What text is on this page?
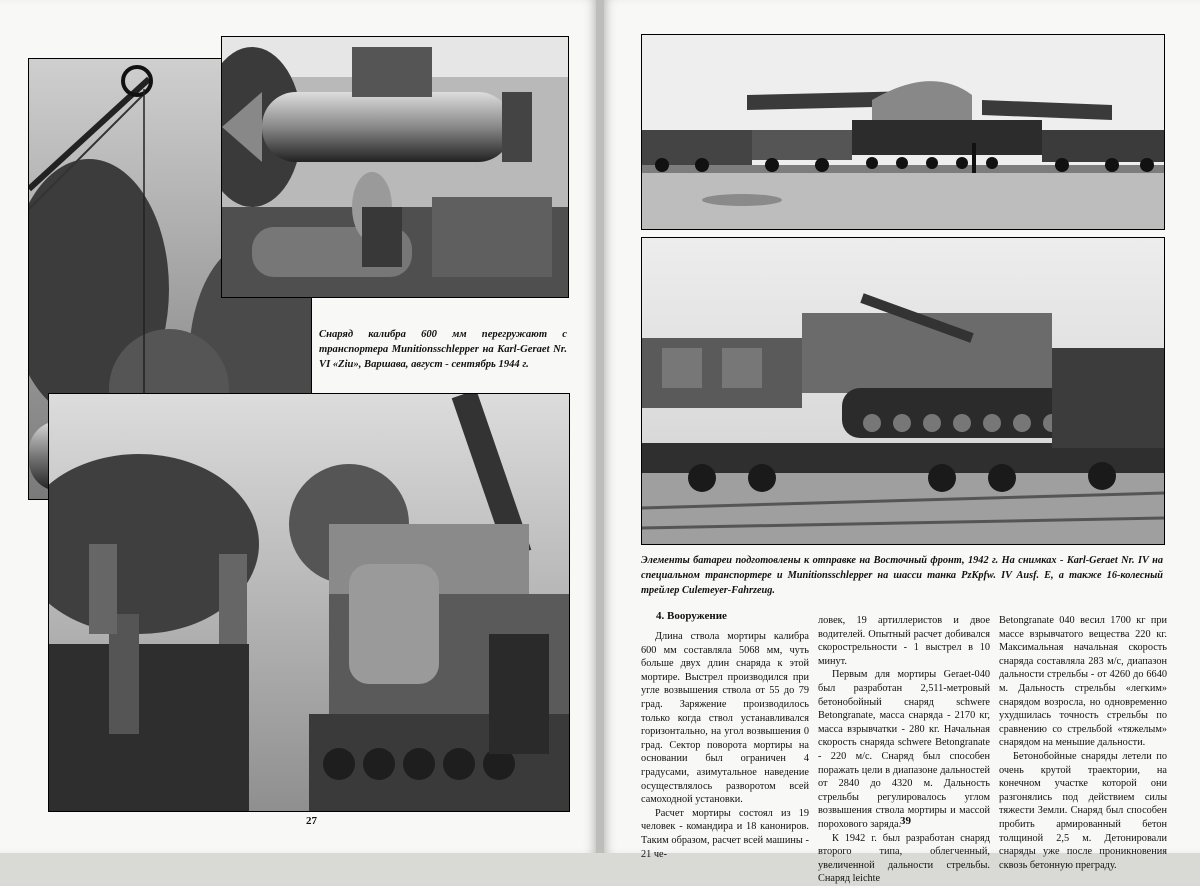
Снаряд калибра 600 мм перегружают с транспортера Munitionsschlepper на Karl-Geraet Nr. VI «Ziu», Варшава, август - сентябрь 1944 г.
27
Элементы батареи подготовлены к отправке на Восточный фронт, 1942 г. На снимках - Karl-Geraet Nr. IV на специальном транспортере и Munitionsschlepper на шасси танка PzKpfw. IV Ausf. E, а также 16-колесный трейлер Culemeyer-Fahrzeug.
4. Вооружение

Длина ствола мортиры калибра 600 мм составляла 5068 мм, чуть больше двух длин снаряда к этой мортире. Выстрел производился при угле возвышения ствола от 55 до 79 град. Заряжение производилось только когда ствол устанавливался горизонтально, на угол возвышения 0 град. Сектор поворота мортиры на основании был ограничен 4 градусами, азимутальное наведение осуществлялось разворотом всей самоходной установки.

Расчет мортиры состоял из 19 человек - командира и 18 канониров. Таким образом, расчет всей машины - 21 че-

ловек, 19 артиллеристов и двое водителей. Опытный расчет добивался скорострельности - 1 выстрел в 10 минут.

Первым для мортиры Geraet-040 был разработан 2,511-метровый бетонобойный снаряд schwere Betongranate, масса снаряда - 2170 кг, масса взрывчатки - 280 кг. Начальная скорость снаряда schwere Betongranate - 220 м/с. Снаряд был способен поражать цели в диапазоне дальностей от 2840 до 4320 м. Дальность стрельбы регулировалось углом возвышения ствола мортиры и массой порохового заряда.

К 1942 г. был разработан снаряд второго типа, облегченный, увеличенной дальности стрельбы. Снаряд leichte

Betongranate 040 весил 1700 кг при массе взрывчатого вещества 220 кг. Максимальная начальная скорость снаряда составляла 283 м/с, диапазон дальности стрельбы - от 4260 до 6640 м. Дальность стрельбы «легким» снарядом возросла, но одновременно ухудшилась точность стрельбы по сравнению со стрельбой «тяжелым» снарядом на меньшие дальности.

Бетонобойные снаряды летели по очень крутой траектории, на конечном участке которой они разгонялись под действием силы тяжести Земли. Снаряд был способен пробить армированный бетон толщиной 2,5 м. Детонировали снаряды уже после проникновения сквозь бетонную преграду.

39
